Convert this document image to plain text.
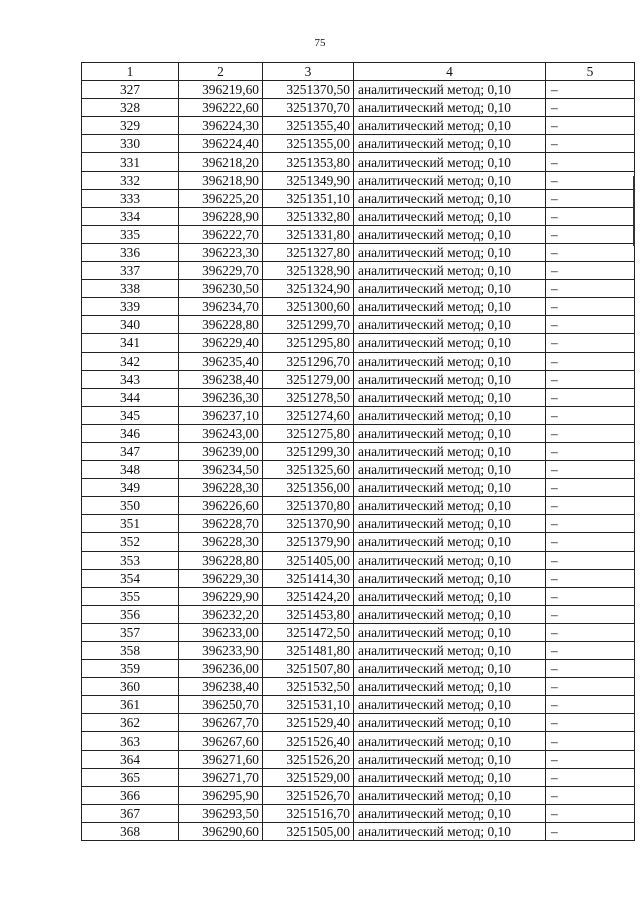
75
1	2	3	4	5
327	396219,60	3251370,50	аналитический метод; 0,10	–
328	396222,60	3251370,70	аналитический метод; 0,10	–
329	396224,30	3251355,40	аналитический метод; 0,10	–
330	396224,40	3251355,00	аналитический метод; 0,10	–
331	396218,20	3251353,80	аналитический метод; 0,10	–
332	396218,90	3251349,90	аналитический метод; 0,10	–
333	396225,20	3251351,10	аналитический метод; 0,10	–
334	396228,90	3251332,80	аналитический метод; 0,10	–
335	396222,70	3251331,80	аналитический метод; 0,10	–
336	396223,30	3251327,80	аналитический метод; 0,10	–
337	396229,70	3251328,90	аналитический метод; 0,10	–
338	396230,50	3251324,90	аналитический метод; 0,10	–
339	396234,70	3251300,60	аналитический метод; 0,10	–
340	396228,80	3251299,70	аналитический метод; 0,10	–
341	396229,40	3251295,80	аналитический метод; 0,10	–
342	396235,40	3251296,70	аналитический метод; 0,10	–
343	396238,40	3251279,00	аналитический метод; 0,10	–
344	396236,30	3251278,50	аналитический метод; 0,10	–
345	396237,10	3251274,60	аналитический метод; 0,10	–
346	396243,00	3251275,80	аналитический метод; 0,10	–
347	396239,00	3251299,30	аналитический метод; 0,10	–
348	396234,50	3251325,60	аналитический метод; 0,10	–
349	396228,30	3251356,00	аналитический метод; 0,10	–
350	396226,60	3251370,80	аналитический метод; 0,10	–
351	396228,70	3251370,90	аналитический метод; 0,10	–
352	396228,30	3251379,90	аналитический метод; 0,10	–
353	396228,80	3251405,00	аналитический метод; 0,10	–
354	396229,30	3251414,30	аналитический метод; 0,10	–
355	396229,90	3251424,20	аналитический метод; 0,10	–
356	396232,20	3251453,80	аналитический метод; 0,10	–
357	396233,00	3251472,50	аналитический метод; 0,10	–
358	396233,90	3251481,80	аналитический метод; 0,10	–
359	396236,00	3251507,80	аналитический метод; 0,10	–
360	396238,40	3251532,50	аналитический метод; 0,10	–
361	396250,70	3251531,10	аналитический метод; 0,10	–
362	396267,70	3251529,40	аналитический метод; 0,10	–
363	396267,60	3251526,40	аналитический метод; 0,10	–
364	396271,60	3251526,20	аналитический метод; 0,10	–
365	396271,70	3251529,00	аналитический метод; 0,10	–
366	396295,90	3251526,70	аналитический метод; 0,10	–
367	396293,50	3251516,70	аналитический метод; 0,10	–
368	396290,60	3251505,00	аналитический метод; 0,10	–
